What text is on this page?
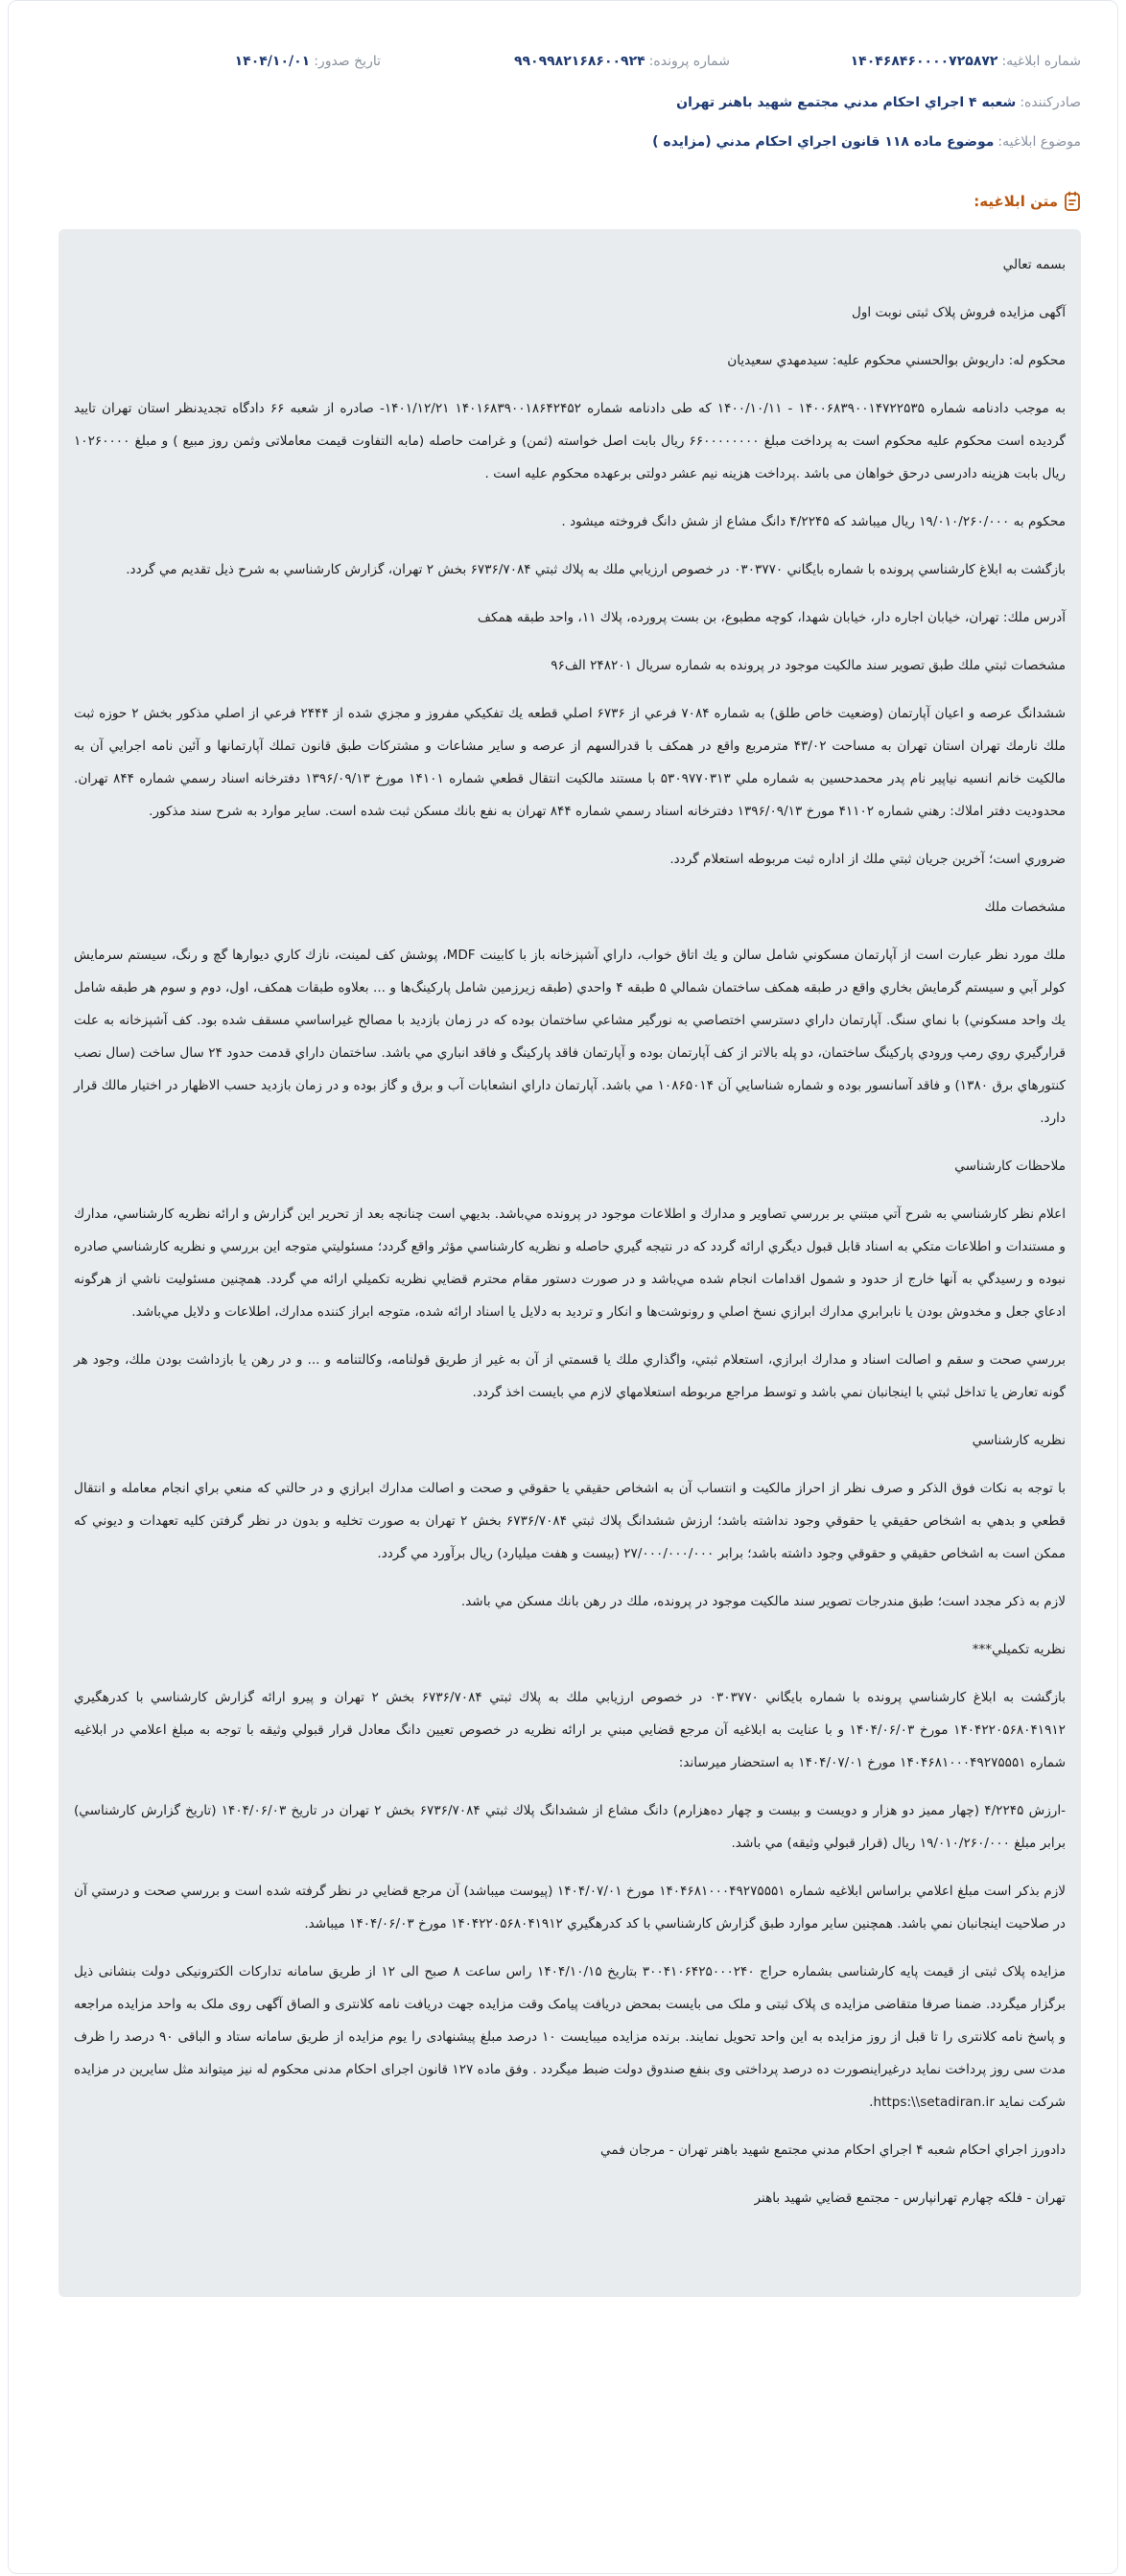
شماره ابلاغیه:
۱۴۰۴۶۸۴۶۰۰۰۰۷۲۵۸۷۲
شماره پرونده:
۹۹۰۹۹۸۲۱۶۸۶۰۰۹۲۴
تاریخ صدور:
۱۴۰۴/۱۰/۰۱
صادرکننده:
شعبه ۴ اجراي احكام مدني مجتمع شهيد باهنر تهران
موضوع ابلاغیه:
موضوع ماده ۱۱۸ قانون اجراي احكام مدني (مزايده )
متن ابلاغیه:

بسمه تعالي

آگهی مزایده فروش پلاک ثبتی نوبت اول

محکوم له: داریوش بوالحسني محکوم علیه: سیدمهدي سعیدیان

به موجب دادنامه شماره ۱۴۰۰۶۸۳۹۰۰۱۴۷۲۲۵۳۵ - ۱۴۰۰/۱۰/۱۱ که طی دادنامه شماره ۱۴۰۱۶۸۳۹۰۰۱۸۶۴۲۴۵۲ ۱۴۰۱/۱۲/۲۱- صادره از شعبه ۶۶ دادگاه تجدیدنظر استان تهران تایید گردیده است محکوم علیه محکوم است به پرداخت مبلغ ۶۶۰۰۰۰۰۰۰۰ ریال بابت اصل خواسته (ثمن) و غرامت حاصله (مابه التفاوت قیمت معاملاتی وثمن روز مبیع ) و مبلغ ۱۰۲۶۰۰۰۰ ریال بابت هزینه دادرسی درحق خواهان می باشد .پرداخت هزینه نیم عشر دولتی برعهده محکوم علیه است .

محکوم به ۱۹/۰۱۰/۲۶۰/۰۰۰ ریال میباشد که ۴/۲۲۴۵ دانگ مشاع از شش دانگ فروخته میشود .

بازگشت به ابلاغ كارشناسي پرونده با شماره بايگاني ۰۳۰۳۷۷۰ در خصوص ارزيابي ملك به پلاك ثبتي ۶۷۳۶/۷۰۸۴ بخش ۲ تهران، گزارش كارشناسي به شرح ذيل تقديم مي گردد.

آدرس ملك: تهران، خيابان اجاره دار، خيابان شهدا، كوچه مطبوع، بن بست پرورده، پلاك ۱۱، واحد طبقه همكف

مشخصات ثبتي ملك طبق تصوير سند مالكيت موجود در پرونده به شماره سريال ۲۴۸۲۰۱ الف۹۶

ششدانگ عرصه و اعيان آپارتمان (وضعيت خاص طلق) به شماره ۷۰۸۴ فرعي از ۶۷۳۶ اصلي قطعه يك تفكيكي مفروز و مجزي شده از ۲۴۴۴ فرعي از اصلي مذكور بخش ۲ حوزه ثبت ملك نارمك تهران استان تهران به مساحت ۴۳/۰۲ مترمربع واقع در همكف با قدرالسهم از عرصه و ساير مشاعات و مشتركات طبق قانون تملك آپارتمانها و آئين نامه اجرايي آن به مالكيت خانم انسيه نياپير نام پدر محمدحسين به شماره ملي ۵۳۰۹۷۷۰۳۱۳ با مستند مالكيت انتقال قطعي شماره ۱۴۱۰۱ مورخ ۱۳۹۶/۰۹/۱۳ دفترخانه اسناد رسمي شماره ۸۴۴ تهران. محدوديت دفتر املاك: رهني شماره ۴۱۱۰۲ مورخ ۱۳۹۶/۰۹/۱۳ دفترخانه اسناد رسمي شماره ۸۴۴ تهران به نفع بانك مسكن ثبت شده است. ساير موارد به شرح سند مذكور.

ضروري است؛ آخرين جريان ثبتي ملك از اداره ثبت مربوطه استعلام گردد.

مشخصات ملك

ملك مورد نظر عبارت است از آپارتمان مسكوني شامل سالن و يك اتاق خواب، داراي آشپزخانه باز با كابينت MDF، پوشش كف لمينت، نازك كاري ديوارها گچ و رنگ، سيستم سرمايش كولر آبي و سيستم گرمايش بخاري واقع در طبقه همكف ساختمان شمالي ۵ طبقه ۴ واحدي (طبقه زيرزمين شامل پاركينگ‌ها و ... بعلاوه طبقات همكف، اول، دوم و سوم هر طبقه شامل يك واحد مسكوني) با نماي سنگ. آپارتمان داراي دسترسي اختصاصي به نورگير مشاعي ساختمان بوده كه در زمان بازديد با مصالح غيراساسي مسقف شده بود. كف آشپزخانه به علت قرارگيري روي رمپ ورودي پاركينگ ساختمان، دو پله بالاتر از كف آپارتمان بوده و آپارتمان فاقد پاركينگ و فاقد انباري مي باشد. ساختمان داراي قدمت حدود ۲۴ سال ساخت (سال نصب كنتورهاي برق ۱۳۸۰) و فاقد آسانسور بوده و شماره شناسايي آن ۱۰۸۶۵۰۱۴ مي باشد. آپارتمان داراي انشعابات آب و برق و گاز بوده و در زمان بازديد حسب الاظهار در اختيار مالك قرار دارد.

ملاحظات كارشناسي

اعلام نظر كارشناسي به شرح آتي مبتني بر بررسي تصاوير و مدارك و اطلاعات موجود در پرونده مي‌باشد. بديهي است چنانچه بعد از تحرير اين گزارش و ارائه نظريه كارشناسي، مدارك و مستندات و اطلاعات متكي به اسناد قابل قبول ديگري ارائه گردد كه در نتيجه گيري حاصله و نظريه كارشناسي مؤثر واقع گردد؛ مسئوليتي متوجه اين بررسي و نظريه كارشناسي صادره نبوده و رسيدگي به آنها خارج از حدود و شمول اقدامات انجام شده مي‌باشد و در صورت دستور مقام محترم قضايي نظريه تكميلي ارائه مي گردد. همچنين مسئوليت ناشي از هرگونه ادعاي جعل و مخدوش بودن يا نابرابري مدارك ابرازي نسخ اصلي و رونوشت‌ها و انكار و ترديد به دلايل يا اسناد ارائه شده، متوجه ابراز كننده مدارك، اطلاعات و دلايل مي‌باشد.

بررسي صحت و سقم و اصالت اسناد و مدارك ابرازي، استعلام ثبتي، واگذاري ملك يا قسمتي از آن به غير از طريق قولنامه، وكالتنامه و ... و در رهن يا بازداشت بودن ملك، وجود هر گونه تعارض يا تداخل ثبتي با اينجانبان نمي باشد و توسط مراجع مربوطه استعلامهاي لازم مي بايست اخذ گردد.

نظريه كارشناسي

با توجه به نكات فوق الذكر و صرف نظر از احراز مالكيت و انتساب آن به اشخاص حقيقي يا حقوقي و صحت و اصالت مدارك ابرازي و در حالتي كه منعي براي انجام معامله و انتقال قطعي و بدهي به اشخاص حقيقي يا حقوقي وجود نداشته باشد؛ ارزش ششدانگ پلاك ثبتي ۶۷۳۶/۷۰۸۴ بخش ۲ تهران به صورت تخليه و بدون در نظر گرفتن كليه تعهدات و ديوني كه ممكن است به اشخاص حقيقي و حقوقي وجود داشته باشد؛ برابر ۲۷/۰۰۰/۰۰۰/۰۰۰ (بيست و هفت ميليارد) ريال برآورد مي گردد.

لازم به ذكر مجدد است؛ طبق مندرجات تصوير سند مالكيت موجود در پرونده، ملك در رهن بانك مسكن مي باشد.

نظريه تكميلي***

بازگشت به ابلاغ كارشناسي پرونده با شماره بايگاني ۰۳۰۳۷۷۰ در خصوص ارزيابي ملك به پلاك ثبتي ۶۷۳۶/۷۰۸۴ بخش ۲ تهران و پيرو ارائه گزارش كارشناسي با كدرهگيري ۱۴۰۴۲۲۰۵۶۸۰۴۱۹۱۲ مورخ ۱۴۰۴/۰۶/۰۳ و با عنايت به ابلاغيه آن مرجع قضايي مبني بر ارائه نظريه در خصوص تعيين دانگ معادل قرار قبولي وثيقه با توجه به مبلغ اعلامي در ابلاغيه شماره ۱۴۰۴۶۸۱۰۰۰۴۹۲۷۵۵۵۱ مورخ ۱۴۰۴/۰۷/۰۱ به استحضار ميرساند:

-ارزش ۴/۲۲۴۵ (چهار مميز دو هزار و دويست و بيست و چهار ده‌هزارم) دانگ مشاع از ششدانگ پلاك ثبتي ۶۷۳۶/۷۰۸۴ بخش ۲ تهران در تاريخ ۱۴۰۴/۰۶/۰۳ (تاريخ گزارش كارشناسي) برابر مبلغ ۱۹/۰۱۰/۲۶۰/۰۰۰ ريال (قرار قبولي وثيقه) مي باشد.

لازم بذكر است مبلغ اعلامي براساس ابلاغيه شماره ۱۴۰۴۶۸۱۰۰۰۴۹۲۷۵۵۵۱ مورخ ۱۴۰۴/۰۷/۰۱ (پيوست ميباشد) آن مرجع قضايي در نظر گرفته شده است و بررسي صحت و درستي آن در صلاحيت اينجانبان نمي باشد. همچنين ساير موارد طبق گزارش كارشناسي با كد كدرهگيري ۱۴۰۴۲۲۰۵۶۸۰۴۱۹۱۲ مورخ ۱۴۰۴/۰۶/۰۳ ميباشد.

مزایده پلاک ثبتی از قیمت پایه کارشناسی بشماره حراج ۳۰۰۴۱۰۶۴۲۵۰۰۰۲۴۰ بتاریخ ۱۴۰۴/۱۰/۱۵ راس ساعت ۸ صبح الی ۱۲ از طریق سامانه تدارکات الکترونیکی دولت بنشانی ذیل برگزار میگردد. ضمنا صرفا متقاضی مزایده ی پلاک ثبتی و ملک می بایست بمحض دریافت پیامک وقت مزایده جهت دریافت نامه کلانتری و الصاق آگهی روی ملک به واحد مزایده مراجعه و پاسخ نامه کلانتری را تا قبل از روز مزایده به این واحد تحویل نمایند. برنده مزایده میبایست ۱۰ درصد مبلغ پیشنهادی را یوم مزایده از طریق سامانه ستاد و الباقی ۹۰ درصد را ظرف مدت سی روز پرداخت نماید درغیراینصورت ده درصد پرداختی وی بنفع صندوق دولت ضبط میگردد . وفق ماده ۱۲۷ قانون اجرای احکام مدنی محکوم له نیز میتواند مثل سایرین در مزایده شرکت نماید https:\\setadiran.ir.

دادورز اجراي احكام شعبه ۴ اجراي احكام مدني مجتمع شهيد باهنر تهران - مرجان فمي

تهران - فلكه چهارم تهرانپارس - مجتمع قضايي شهيد باهنر
